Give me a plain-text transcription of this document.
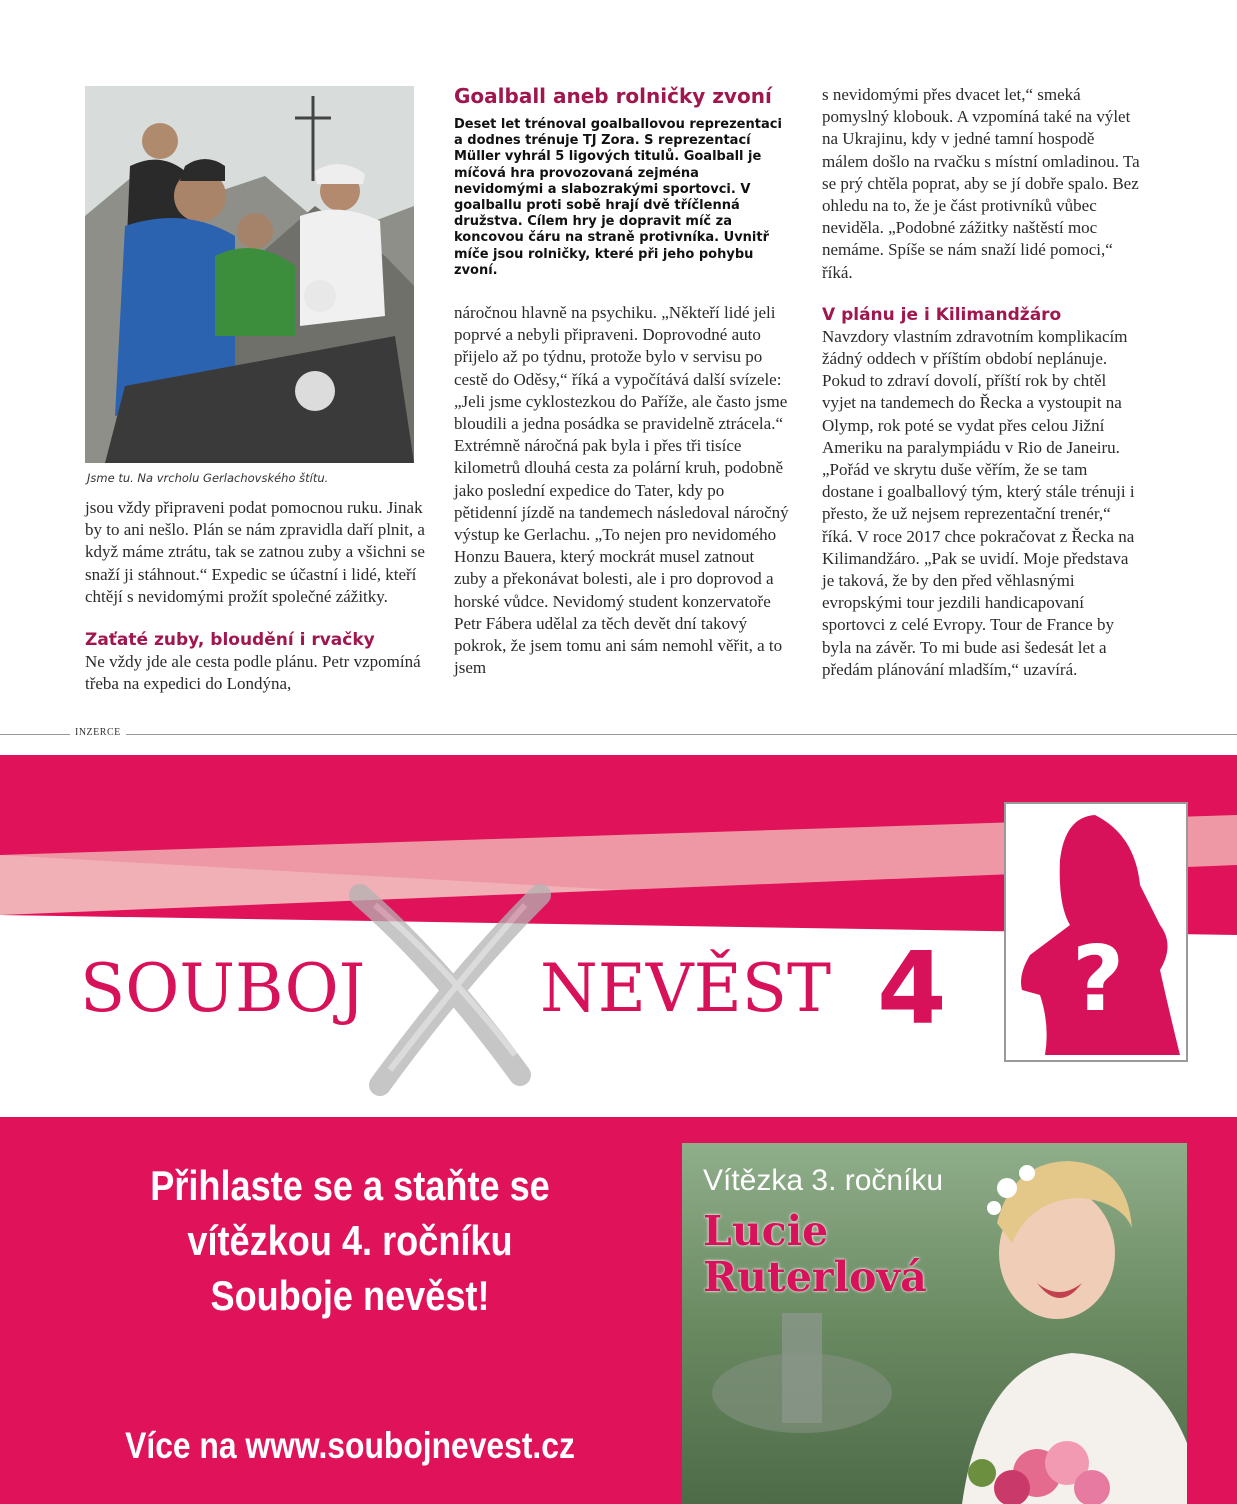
Jsme tu. Na vrcholu Gerlachovského štítu.

jsou vždy připraveni podat pomocnou ruku. Jinak by to ani nešlo. Plán se nám zpravidla daří plnit, a když máme ztrátu, tak se zatnou zuby a všichni se snaží ji stáhnout.“ Expedic se účastní i lidé, kteří chtějí s nevidomými prožít společné zážitky.

Zaťaté zuby, bloudění i rvačky

Ne vždy jde ale cesta podle plánu. Petr vzpomíná třeba na expedici do Londýna,

Goalball aneb rolničky zvoní
Deset let trénoval goalballovou reprezentaci a dodnes trénuje TJ Zora. S reprezentací Müller vyhrál 5 ligových titulů. Goalball je míčová hra provozovaná zejména nevidomými a slabozrakými sportovci. V goalballu proti sobě hrají dvě tříčlenná družstva. Cílem hry je dopravit míč za koncovou čáru na straně protivníka. Uvnitř míče jsou rolničky, které při jeho pohybu zvoní.

náročnou hlavně na psychiku. „Někteří lidé jeli poprvé a nebyli připraveni. Doprovodné auto přijelo až po týdnu, protože bylo v servisu po cestě do Oděsy,“ říká a vypočítává další svízele: „Jeli jsme cyklostezkou do Paříže, ale často jsme bloudili a jedna posádka se pravidelně ztrácela.“ Extrémně náročná pak byla i přes tři tisíce kilometrů dlouhá cesta za polární kruh, podobně jako poslední expedice do Tater, kdy po pětidenní jízdě na tandemech následoval náročný výstup ke Gerlachu. „To nejen pro nevidomého Honzu Bauera, který mockrát musel zatnout zuby a překonávat bolesti, ale i pro doprovod a horské vůdce. Nevidomý student konzervatoře Petr Fábera udělal za těch devět dní takový pokrok, že jsem tomu ani sám nemohl věřit, a to jsem

s nevidomými přes dvacet let,“ smeká pomyslný klobouk. A vzpomíná také na výlet na Ukrajinu, kdy v jedné tamní hospodě málem došlo na rvačku s místní omladinou. Ta se prý chtěla poprat, aby se jí dobře spalo. Bez ohledu na to, že je část protivníků vůbec neviděla. „Podobné zážitky naštěstí moc nemáme. Spíše se nám snaží lidé pomoci,“ říká.

V plánu je i Kilimandžáro

Navzdory vlastním zdravotním komplikacím žádný oddech v příštím období neplánuje. Pokud to zdraví dovolí, příští rok by chtěl vyjet na tandemech do Řecka a vystoupit na Olymp, rok poté se vydat přes celou Jižní Ameriku na paralympiádu v Rio de Janeiru. „Pořád ve skrytu duše věřím, že se tam dostane i goalballový tým, který stále trénuji i přesto, že už nejsem reprezentační trenér,“ říká. V roce 2017 chce pokračovat z Řecka na Kilimandžáro. „Pak se uvidí. Moje představa je taková, že by den před věhlasnými evropskými tour jezdili handicapovaní sportovci z celé Evropy. Tour de France by byla na závěr. To mi bude asi šedesát let a předám plánování mladším,“ uzavírá.

INZERCE
SOUBOJ	NEVĚST 4 ?
Přihlaste se a staňte se
vítězkou 4. ročníku
Souboje nevěst!
Více na www.soubojnevest.cz
Vítězka 3. ročníku
Lucie
Ruterlová
